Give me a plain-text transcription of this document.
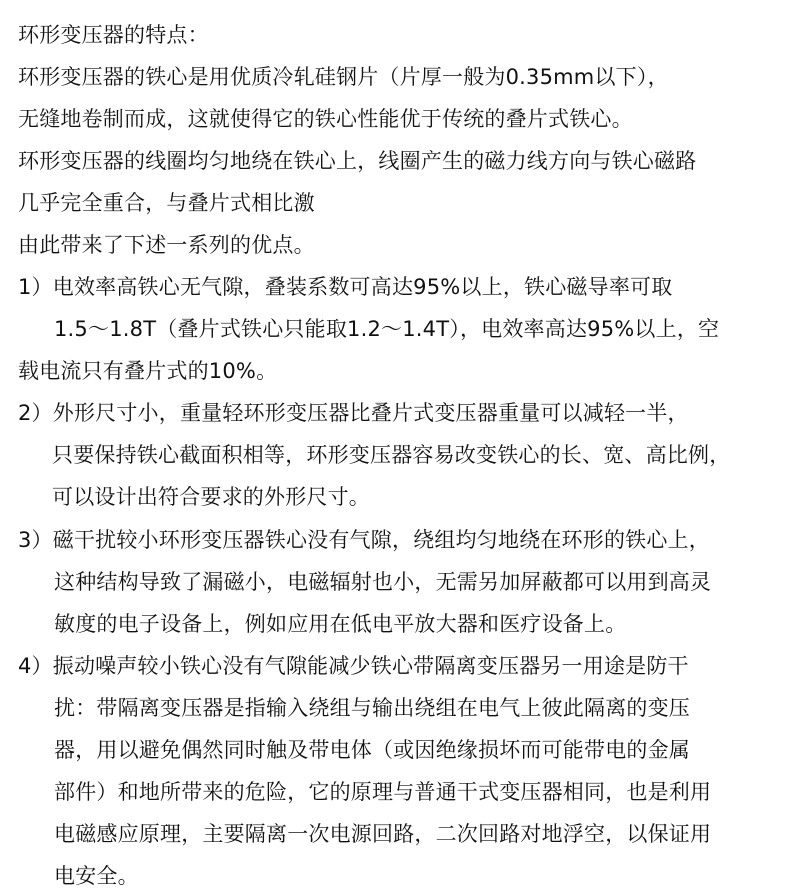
环形变压器的特点：
环形变压器的铁心是用优质冷轧硅钢片（片厚一般为0.35mm以下），
无缝地卷制而成，这就使得它的铁心性能优于传统的叠片式铁心。
环形变压器的线圈均匀地绕在铁心上，线圈产生的磁力线方向与铁心磁路
几乎完全重合，与叠片式相比激
由此带来了下述一系列的优点。
1）电效率高铁心无气隙，叠装系数可高达95%以上，铁心磁导率可取
1.5～1.8T（叠片式铁心只能取1.2～1.4T），电效率高达95%以上，空
载电流只有叠片式的10%。
2）外形尺寸小，重量轻环形变压器比叠片式变压器重量可以减轻一半，
只要保持铁心截面积相等，环形变压器容易改变铁心的长、宽、高比例，
可以设计出符合要求的外形尺寸。
3）磁干扰较小环形变压器铁心没有气隙，绕组均匀地绕在环形的铁心上，
这种结构导致了漏磁小，电磁辐射也小，无需另加屏蔽都可以用到高灵
敏度的电子设备上，例如应用在低电平放大器和医疗设备上。
4）振动噪声较小铁心没有气隙能减少铁心带隔离变压器另一用途是防干
扰：带隔离变压器是指输入绕组与输出绕组在电气上彼此隔离的变压
器，用以避免偶然同时触及带电体（或因绝缘损坏而可能带电的金属
部件）和地所带来的危险，它的原理与普通干式变压器相同，也是利用
电磁感应原理，主要隔离一次电源回路，二次回路对地浮空，以保证用
电安全。
